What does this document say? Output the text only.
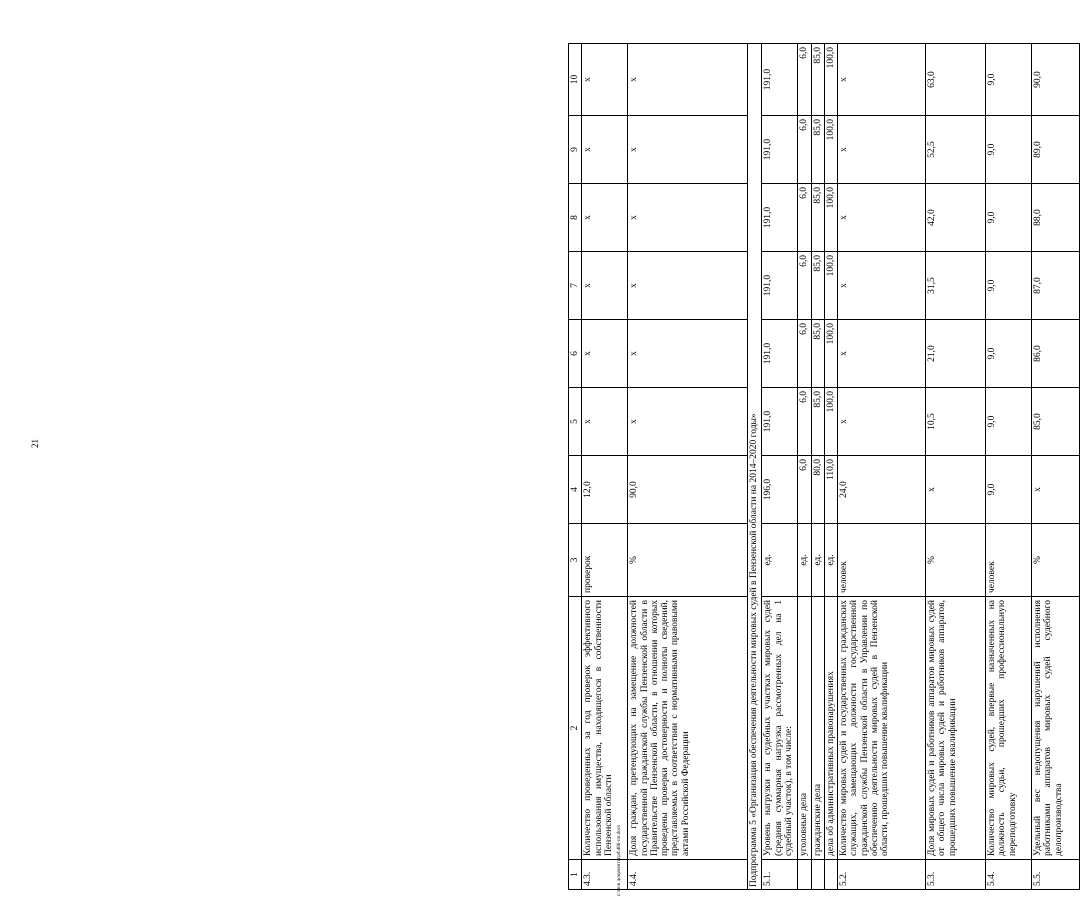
21
1	2	3	4	5	6	7	8	9	10
4.3.	Количество проведенных за год проверок эффективного использования имущества, находящегося в собственности Пензенской области	проверок	12,0	x	x	x	x	x	x
4.4.	Доля граждан, претендующих на замещение должностей государственной гражданской службы Пензенской области в Правительстве Пензенской области, в отношении которых проведены проверки достоверности и полноты сведений, представляемых в соответствии с нормативными правовыми актами Российской Федерации	%	90,0	x	x	x	x	x	x
Подпрограмма 5 «Организация обеспечения деятельности мировых судей в Пензенской области на 2014–2020 годы»									
5.1.	Уровень нагрузки на судебных участках мировых судей (средняя суммарная нагрузка рассмотренных дел на 1 судебный участок), в том числе:	ед.	196,0	191,0	191,0	191,0	191,0	191,0	191,0
	уголовные дела	ед.	6,0	6,0	6,0	6,0	6,0	6,0	6,0
	гражданские дела	ед.	80,0	85,0	85,0	85,0	85,0	85,0	85,0
	дела об административных правонарушениях	ед.	110,0	100,0	100,0	100,0	100,0	100,0	100,0
5.2.	Количество мировых судей и государственных гражданских служащих, замещающих должности государственной гражданской службы Пензенской области в Управлении по обеспечению деятельности мировых судей в Пензенской области, прошедших повышение квалификации	человек	24,0	x	x	x	x	x	x
5.3.	Доля мировых судей и работников аппаратов мировых судей от общего числа мировых судей и работников аппаратов, прошедших повышение квалификации	%	x	10,5	21,0	31,5	42,0	52,5	63,0
5.4.	Количество мировых судей, впервые назначенных на должность судьи, прошедших профессиональную переподготовку	человек	9,0	9,0	9,0	9,0	9,0	9,0	9,0
5.5.	Удельный вес недопущения нарушений исполнения работниками аппаратов мировых судей судебного делопроизводства	%	x	85,0	86,0	87,0	88,0	89,0	90,0
c:\мои документы\pd\466-пп.docx
